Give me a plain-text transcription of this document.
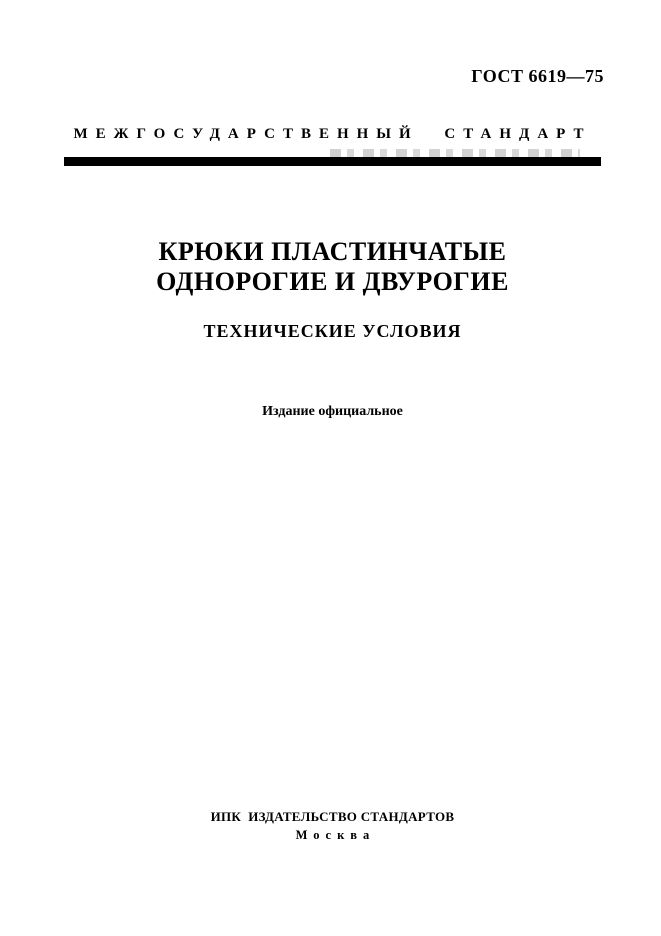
ГОСТ 6619—75
МЕЖГОСУДАРСТВЕННЫЙ СТАНДАРТ
КРЮКИ ПЛАСТИНЧАТЫЕ
ОДНОРОГИЕ И ДВУРОГИЕ
ТЕХНИЧЕСКИЕ УСЛОВИЯ
Издание официальное
ИПК  ИЗДАТЕЛЬСТВО СТАНДАРТОВ
Москва
